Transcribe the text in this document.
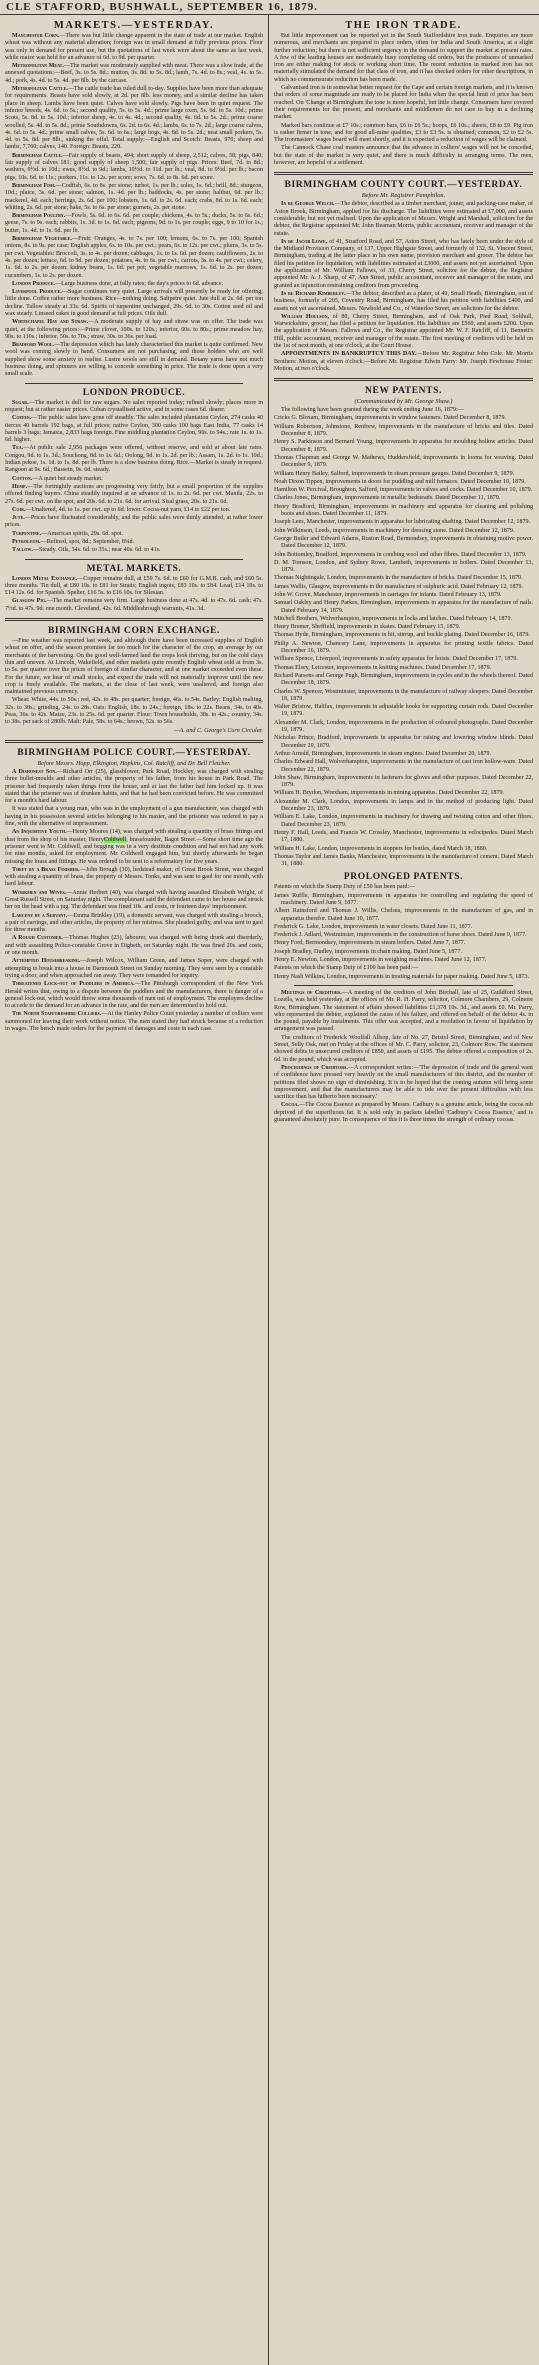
CLE STAFFORD, BUSHWALL, SEPTEMBER 16, 1879.
MARKETS.—YESTERDAY.

Manchester Corn.—There was but little change apparent in the state of trade at our market. English wheat was without any material alteration; foreign was in small demand at fully previous prices. Flour was only in demand for present use, but the quotations of last week were about the same as last week, while maize was held for an advance of 6d. to 9d. per quarter.

Metropolitan Meat.—The market was moderately supplied with meat. There was a slow trade, at the annexed quotations:—Beef, 3s. to 5s. 8d.; mutton, 3s. 8d. to 5s. 8d.; lamb, 7s. 4d. to 8s.; veal, 4s. to 5s. 4d.; pork, 4s. 4d. to 5s. 4d. per 8lb. by the carcase.

Metropolitan Cattle.—The cattle trade has ruled dull to-day. Supplies have been more than adequate for requirements. Beasts have sold slowly, at 2d. per 8lb. less money, and a similar decline has taken place in sheep. Lambs have been quiet. Calves have sold slowly. Pigs have been in quiet request. The inferior breeds, 4s. 6d. to 5s.; second quality, 5s. to 5s. 4d.; prime large oxen, 5s. 6d. to 5s. 10d.; prime Scots, 5s. 8d. to 5s. 10d.; inferior sheep, 4s. to 4s. 4d.; second quality, 4s. 6d. to 5s. 2d.; prime coarse woolled, 5s. 4d. to 5s. 8d.; prime Southdowns, 6s. 2d. to 6s. 4d.; lambs, 6s. to 7s. 2d.; large coarse calves, 4s. 6d. to 5s. 4d.; prime small calves, 5s. 6d. to 6s.; large hogs, 4s. 8d. to 5s. 2d.; neat small porkers, 5s. 4d. to 5s. 8d. per 8lb., sinking the offal. Total supply:—English and Scotch: Beasts, 970; sheep and lambs, 7,760; calves, 140. Foreign: Beasts, 220.

Birmingham Cattle.—Fair supply of beasts, 494; short supply of sheep, 2,512; calves, 38; pigs, 840; fair supply of calves 181; good supply of sheep 1,500; fair supply of pigs. Prices: Beef, 7d. to 8d.; wethers, 9½d. to 10d.; ewes, 8½d. to 9d.; lambs, 10½d. to 11d. per lb.; veal, 8d. to 9½d. per lb.; bacon pigs, 10s. 6d. to 11s.; porkers, 11s. to 12s. per score; sows, 7s. 6d. to 8s. 6d. per score.

Birmingham Fish.—Codfish, 6s. to 8s. per stone; turbot, 1s. per lb.; soles, 1s. 6d.; brill, 8d.; sturgeon, 10d.; plaice, 3s. 6d. per stone; salmon, 1s. 4d. per lb.; haddocks, 4s. per stone; halibut, 6d. per lb.; mackerel, 4d. each; herrings, 2s. 6d. per 100; lobsters, 1s. 6d. to 2s. 6d. each; crabs, 8d. to 1s. 6d. each; whiting, 2s. 6d. per stone; hake, 5s. to 6s. per stone; gurnets, 2s. per stone.

Birmingham Poultry.—Fowls, 5s. 6d. to 6s. 6d. per couple; chickens, 4s. to 5s.; ducks, 5s. to 6s. 6d.; geese, 7s. to 9s. each; rabbits, 1s. 3d. to 1s. 6d. each; pigeons, 9d. to 1s. per couple; eggs, 9 to 10 for 1s.; butter, 1s. 4d. to 1s. 6d. per lb.

Birmingham Vegetable.—Fruit: Oranges, 4s. to 7s. per 100; lemons, 6s. to 7s. per 100; Spanish onions, 8s. to 9s. per case; English apples, 6s. to 10s. per cwt.; pears, 6s. to 12s. per cwt.; plums, 3s. to 5s. per cwt. Vegetables: Broccoli, 3s. to 4s. per dozen; cabbages, 1s. to 1s. 6d. per dozen; cauliflowers, 2s. to 4s. per dozen; lettuce, 6d. to 9d. per dozen; potatoes, 4s. to 6s. per cwt.; carrots, 3s. to 4s. per cwt.; celery, 1s. 6d. to 2s. per dozen; kidney beans, 1s. 6d. per pot; vegetable marrows, 1s. 6d. to 2s. per dozen; cucumbers, 1s. to 2s. per dozen.

London Produce.—Large business done, at fully rates; the day's prices to 6d. advance.

Liverpool Produce.—Sugar continues very quiet. Large arrivals will presently be ready for offering; little done. Coffee rather more business. Rice—nothing doing. Saltpetre quiet. Jute dull at 2s. 6d. per ton decline. Tallow steady at 33s. 6d. Spirits of turpentine unchanged, 29s. 6d. to 30s. Cotton seed oil and wax steady. Linseed cakes in good demand at full prices. Oils dull.

Whitechapel Hay and Straw.—A moderate supply of hay and straw was on offer. The trade was quiet, at the following prices:—Prime clover, 100s. to 120s.; inferior, 60s. to 80s.; prime meadow hay, 90s. to 110s.; inferior, 50s. to 70s.; straw, 30s. to 36s. per load.

Bradford Wool.—The depression which has lately characterised this market is quite confirmed. New wool was coming slowly to hand. Consumers are not purchasing, and those holders who are well supplied show some anxiety to realise. Lustre wools are still in demand. Botany yarns have not much business doing, and spinners are willing to concede something in price. The trade is done upon a very small scale.

LONDON PRODUCE.

Sugar.—The market is dull for raw sugars. No sales reported today; refined slowly; places more in request; but at rather easier prices. Cuban crystallised active, and in some cases 6d. dearer.

Coffee.—The public sales have gone off steadily. The sales included plantation Ceylon, 274 casks 40 tierces 40 barrels 192 bags, at full prices; native Ceylon, 300 casks 100 bags East India, 77 casks 14 barrels 3 bags; Jamaica, 2,833 bags foreign. Fine middling plantation Ceylon, 90s. to 94s.; rate 1s. to 1s. 6d. higher.

Tea.—At public sale 2,956 packages were offered, without reserve, and sold at about late rates. Congou, 9d. to 1s. 3d.; Souchong, 8d. to 1s. 6d.; Oolong, 9d. to 1s. 2d. per lb.; Assam, 1s. 2d. to 1s. 10d.; Indian pekoe, 1s. 1d. to 1s. 8d. per lb. There is a slow business doing. Rice.—Market is steady in request. Rangoon at 9s. 6d.; Bassein, 9s. 6d. steady.

Cotton.—A quiet but steady market.

Hemp.—The fortnightly auctions are progressing very fairly, but a small proportion of the supplies offered finding buyers. China steadily inquired at an advance of 1s. to 2s. 6d. per cwt. Manila, 22s. to 27s. 6d. per cwt. on the spot, and 20s. 6d. to 21s. 6d. for arrival. Sisal grass, 20s. to 21s. 6d.

Coir.—Unaltered, 4d. to 1s. per cwt. up to 6d. lower. Cocoa-nut yarn, £14 to £22 per ton.

Jute.—Prices have fluctuated considerably, and the public sales were thinly attended, at rather lower prices.

Turpentine.—American spirits, 29s. 6d. spot.

Petroleum.—Refined, spot, 8d.; September, 8¼d.

Tallow.—Steady. Oils, 34s. 6d. to 35s.; near 40s. 6d. to 41s.

METAL MARKETS.

London Metal Exchange.—Copper remains dull, at £59 7s. 6d. to £60 for G.M.B. cash, and £60 5s. three months. Tin dull, at £80 10s. to £81 for Straits; English ingots, £83 10s. to £84. Lead, £14 10s. to £14 12s. 6d. for Spanish. Spelter, £16 5s. to £16 10s. for Silesian.

Glasgow Pig.—The market remains very firm. Large business done at 47s. 4d. to 47s. 6d. cash; 47s. 7½d. to 47s. 9d. one month. Cleveland, 42s. 6d. Middlesbrough warrants, 41s. 3d.

BIRMINGHAM CORN EXCHANGE.

—Fine weather was reported last week, and although there have been increased supplies of English wheat on offer, and the season promises far too much for the character of the crop, an average by our merchants of the harvesting. On the good well-farmed land the crops look thriving, but on the cold clays thin and uneven. At Lincoln, Wakefield, and other markets quite recently English wheat sold at from 3s. to 5s. per quarter over the prices of foreign of similar character, and at one market exceeded even these. For the future, we hear of small stocks, and expect the trade will not materially improve until the new crop is freely available. The markets, at the close of last week, were unaltered, and foreign also maintained previous currency.

Wheat: White, 44s. to 50s.; red, 42s. to 48s. per quarter; foreign, 46s. to 54s. Barley: English malting, 32s. to 38s.; grinding, 24s. to 28s. Oats: English, 18s. to 24s.; foreign, 18s. to 22s. Beans, 34s. to 40s. Peas, 36s. to 42s. Maize, 23s. to 25s. 6d. per quarter. Flour: Town households, 38s. to 42s.; country, 34s. to 38s. per sack of 280lb. Malt: Pale, 58s. to 64s.; brown, 52s. to 56s.

—A. and C. George's Corn Circular.

BIRMINGHAM POLICE COURT.—YESTERDAY.
Before Messrs. Hopp, Elkington, Hopkins, Col. Ratcliff, and Dr. Bell Fletcher.

A Dishonest Son.—Richard Orr (25), glassblower, Park Road, Hockley, was charged with stealing three bullet-moulds and other articles, the property of his father, from his house in Park Road. The prisoner had frequently taken things from the house, and at last the father had him locked up. It was stated that the prisoner was of drunken habits, and that he had been convicted before. He was committed for a month's hard labour.

It was stated that a young man, who was in the employment of a gun manufacturer, was charged with having in his possession several articles belonging to his master, and the prisoner was ordered to pay a fine, with the alternative of imprisonment.

An Inquisitive Youth.—Henry Moores (14), was charged with stealing a quantity of brass fittings and dust from the shop of his master, HenryColdwell, brassfounder, Bagot Street.—Some short time ago the prisoner went to Mr. Coldwell, and begging was in a very destitute condition and had not had any work for nine months, asked for employment. Mr. Coldwell engaged him, but shortly afterwards he began missing the brass and fittings. He was ordered to be sent to a reformatory for five years.

Theft by a Brass Finisher.—John Brough (30), bedstead maker, of Great Brook Street, was charged with stealing a quantity of brass, the property of Messrs. Tonks, and was sent to gaol for one month, with hard labour.

Workmen and Wives.—Annie Herbert (40), was charged with having assaulted Elizabeth Wright, of Great Russell Street, on Saturday night. The complainant said the defendant came to her house and struck her on the head with a jug. The defendant was fined 10s. and costs, or fourteen days' imprisonment.

Larceny by a Servant.—Emma Brinkley (19), a domestic servant, was charged with stealing a brooch, a pair of earrings, and other articles, the property of her mistress. She pleaded guilty, and was sent to gaol for three months.

A Rough Customer.—Thomas Hughes (23), labourer, was charged with being drunk and disorderly, and with assaulting Police-constable Grove in Digbeth, on Saturday night. He was fined 20s. and costs, or one month.

Attempted Housebreaking.—Joseph Wilcox, William Green, and James Soper, were charged with attempting to break into a house in Dartmouth Street on Sunday morning. They were seen by a constable trying a door, and when approached ran away. They were remanded for inquiry.

Threatened Lock-out of Puddlers in America.—The Pittsburgh correspondent of the New York Herald writes that, owing to a dispute between the puddlers and the manufacturers, there is danger of a general lock-out, which would throw some thousands of men out of employment. The employers decline to accede to the demand for an advance in the rate, and the men are determined to hold out.

The North Staffordshire Colliers.—At the Hanley Police Court yesterday a number of colliers were summoned for leaving their work without notice. The men stated they had struck because of a reduction in wages. The bench made orders for the payment of damages and costs in each case.

THE IRON TRADE.

But little improvement can be reported yet in the South Staffordshire iron trade. Enquiries are more numerous, and merchants are prepared to place orders, often for India and South America, at a slight further reduction; but there is not sufficient urgency in the demand to support the market at present rates. A few of the leading houses are moderately busy completing old orders, but the producers of unmarked iron are either making for stock or working short time. The recent reduction in marked iron has not materially stimulated the demand for that class of iron, and it has checked orders for other descriptions, in which no commensurate reduction has been made.

Galvanised iron is in somewhat better request for the Cape and certain foreign markets, and it is known that orders of some magnitude are ready to be placed for India when the special limit of price has been reached. On 'Change at Birmingham the tone is more hopeful, but little change. Consumers have covered their requirements for the present, and merchants and middlemen do not care to buy in a declining market.

Marked bars continue at £7 10s.; common bars, £6 to £6 5s.; hoops, £6 10s.; sheets, £8 to £9. Pig iron is rather firmer in tone, and for good all-mine qualities, £3 to £3 5s. is obtained; common, £2 to £2 5s. The ironmasters' wages board will meet shortly, and it is expected a reduction of wages will be claimed.

The Cannock Chase coal masters announce that the advance in colliers' wages will not be conceded, but the state of the market is very quiet, and there is much difficulty in arranging terms. The men, however, are hopeful of a settlement.

BIRMINGHAM COUNTY COURT.—YESTERDAY.
Before Mr. Registrer Pamphilon.

In re George Welch.—The debtor, described as a timber merchant, joiner, and packing-case maker, of Aston Brook, Birmingham, applied for his discharge. The liabilities were estimated at £7,000, and assets considerable, but not yet realised. Upon the application of Messrs. Wright and Marshall, solicitors for the debtor, the Registrar appointed Mr. John Beaman Morris, public accountant, receiver and manager of the estate.

In re Jacob Lowe, of 41, Stratford Road, and 57, Aston Street, who has lately been under the style of the Midland Provision Company, of 137, Upper Highgate Street, and formerly of 132, St. Vincent Street, Birmingham, trading at the latter place in his own name, provision merchant and grocer. The debtor has filed his petition for liquidation, with liabilities estimated at £3000, and assets not yet ascertained. Upon the application of Mr. William Fallows, of 33, Cherry Street, solicitor for the debtor, the Registrar appointed Mr. A. J. Sharp, of 47, Ann Street, public accountant, receiver and manager of the estate, and granted an injunction restraining creditors from proceeding.

In re Richard Kimberley.—The debtor, described as a plater, of 49, Small Heath, Birmingham, out of business, formerly of 205, Coventry Road, Birmingham, has filed his petition with liabilities £400, and assets not yet ascertained. Messrs. Newbold and Co., of Waterloo Street, are solicitors for the debtor.

William Houlson, of 80, Cherry Street, Birmingham, and of Oak Park, Pied Road, Solihull, Warwickshire, grocer, has filed a petition for liquidation. His liabilities are £560, and assets £200. Upon the application of Messrs. Fallows and Co., the Registrar appointed Mr. W. F. Ratcliff, of 11, Bennett's Hill, public accountant, receiver and manager of the estate. The first meeting of creditors will be held on the 1st of next month, at one o'clock, at the Court House.

APPOINTMENTS IN BANKRUPTCY THIS DAY.—Before Mr. Registrar John Cole. Mr. Morris Brothers: Motion, at eleven o'clock.—Before Mr. Registrar Edwin Parry: Mr. Joseph Fewhouse Foster: Motion, at two o'clock.

NEW PATENTS.
(Communicated by Mr. George Shaw.)

The following have been granted during the week ending June 16, 1879:—

Cricks G. Bloxam, Birmingham, improvements in window fasteners. Dated December 8, 1879.

William Robertson, Johnstone, Renfrew, improvements in the manufacture of bricks and tiles. Dated December 8, 1879.

Henry S. Parkinson and Bernard Young, improvements in apparatus for moulding hollow articles. Dated December 8, 1879.

Thomas Chapman and George W. Mathews, Huddersfield, improvements in looms for weaving. Dated December 9, 1879.

William Henry Bailey, Salford, improvements in steam pressure gauges. Dated December 9, 1879.

Noah Dixon Tippen, improvements in doors for puddling and mill furnaces. Dated December 10, 1879.

Hamilton W. Percival, Broughton, Salford, improvements in valves and cocks. Dated December 10, 1879.

Charles Jones, Birmingham, improvements in metallic bedsteads. Dated December 11, 1879.

Henry Bradford, Birmingham, improvements in machinery and apparatus for cleaning and polishing boots and shoes. Dated December 11, 1879.

Joseph Lees, Manchester, improvements in apparatus for lubricating shafting. Dated December 12, 1879.

John Wilkinson, Leeds, improvements in machinery for dressing stone. Dated December 12, 1879.

George Butler and Edward Adams, Ruston Road, Bermondsey, improvements in obtaining motive power. Dated December 12, 1879.

John Bottomley, Bradford, improvements in combing wool and other fibres. Dated December 13, 1879.

D. M. Tomson, London, and Sydney Rowe, Lambeth, improvements in boilers. Dated December 13, 1879.

Thomas Nightingale, London, improvements in the manufacture of bricks. Dated December 15, 1879.

James Wallis, Glasgow, improvements in the manufacture of sulphuric acid. Dated February 12, 1879.

John W. Grove, Manchester, improvements in carriages for infants. Dated February 13, 1879.

Samuel Oakley and Henry Parkes, Birmingham, improvements in apparatus for the manufacture of nails. Dated February 14, 1879.

Mitchell Brothers, Wolverhampton, improvements in locks and latches. Dated February 14, 1879.

Henry Bremer, Sheffield, improvements in skates. Dated February 15, 1879.

Thomas Hyde, Birmingham, improvements in bit, stirrup, and buckle plating. Dated December 16, 1879.

Philip A. Newton, Chancery Lane, improvements in apparatus for printing textile fabrics. Dated December 16, 1879.

William Spence, Liverpool, improvements in safety apparatus for hoists. Dated December 17, 1879.

Thomas Elsey, Leicester, improvements in knitting machines. Dated December 17, 1879.

Richard Parsons and George Pugh, Birmingham, improvements in cycles and in the wheels thereof. Dated December 18, 1879.

Charles W. Spencer, Westminster, improvements in the manufacture of railway sleepers. Dated December 18, 1879.

Walter Bristow, Halifax, improvements in adjustable hooks for supporting curtain rods. Dated December 19, 1879.

Alexander M. Clark, London, improvements in the production of coloured photographs. Dated December 19, 1879.

Nicholas Prince, Bradford, improvements in apparatus for raising and lowering window blinds. Dated December 20, 1879.

Arthur Arnold, Birmingham, improvements in steam engines. Dated December 20, 1879.

Charles Edward Hall, Wolverhampton, improvements in the manufacture of cast iron hollow-ware. Dated December 22, 1879.

John Shaw, Birmingham, improvements in fasteners for gloves and other purposes. Dated December 22, 1879.

William H. Brydon, Wrexham, improvements in mining apparatus. Dated December 22, 1879.

Alexander M. Clark, London, improvements in lamps and in the method of producing light. Dated December 23, 1879.

William E. Lake, London, improvements in machinery for drawing and twisting cotton and other fibres. Dated December 23, 1879.

Henry F. Hall, Leeds, and Francis W. Crossley, Manchester, improvements in velocipedes. Dated March 17, 1880.

William H. Lake, London, improvements in stoppers for bottles, dated March 18, 1880.

Thomas Taylor and James Banks, Manchester, improvements in the manufacture of cement. Dated March 31, 1880.

PROLONGED PATENTS.

Patents on which the Stamp Duty of £50 has been paid:—

James Ruffle, Birmingham, improvements in apparatus for controlling and regulating the speed of machinery. Dated June 9, 1877.

Albert Rainsford and Thomas J. Willis, Chelsea, improvements in the manufacture of gas, and in apparatus therefor. Dated June 10, 1877.

Frederick G. Lake, London, improvements in water closets. Dated June 11, 1877.

Frederick J. Adlard, Westminster, improvements in the construction of horse shoes. Dated June 9, 1877.

Henry Ford, Bermondsey, improvements in steam boilers. Dated June 7, 1877.

Joseph Bradley, Dudley, improvements in chain making. Dated June 5, 1877.

Henry E. Newton, London, improvements in weighing machines. Dated June 12, 1877.

Patents on which the Stamp Duty of £100 has been paid:—

Henry Nash Wilkins, London, improvements in treating materials for paper making. Dated June 5, 1873.

Meetings of Creditors.—A meeting of the creditors of John Birchall, late of 25, Guildford Street, Lozells, was held yesterday, at the offices of Mr. R. H. Parry, solicitor, Colmore Chambers, 29, Colmore Row, Birmingham. The statement of affairs showed liabilities £1,378 10s. 3d., and assets £0. Mr. Parry, who represented the debtor, explained the cause of his failure, and offered on behalf of the debtor 4s. in the pound, payable by instalments. This offer was accepted, and a resolution in favour of liquidation by arrangement was passed.

The creditors of Frederick Woolfall Allsop, late of No. 27, Bristol Street, Birmingham, and of New Street, Selly Oak, met on Friday at the offices of Mr. C. Parry, solicitor, 23, Colmore Row. The statement showed debts to unsecured creditors of £850, and assets of £195. The debtor offered a composition of 2s. 6d. in the pound, which was accepted.

Proceedings of Creditors.—A correspondent writes:—'The depression of trade and the general want of confidence have pressed very heavily on the small manufacturers of this district, and the number of petitions filed shows no sign of diminishing. It is to be hoped that the coming autumn will bring some improvement, and that the manufacturers may be able to tide over the present difficulties with less sacrifice than has hitherto been necessary.'

Cocoa.—The Cocoa Essence as prepared by Messrs. Cadbury is a genuine article, being the cocoa nib deprived of the superfluous fat. It is sold only in packets labelled 'Cadbury's Cocoa Essence,' and is guaranteed absolutely pure. In consequence of this it is three times the strength of ordinary cocoas.
